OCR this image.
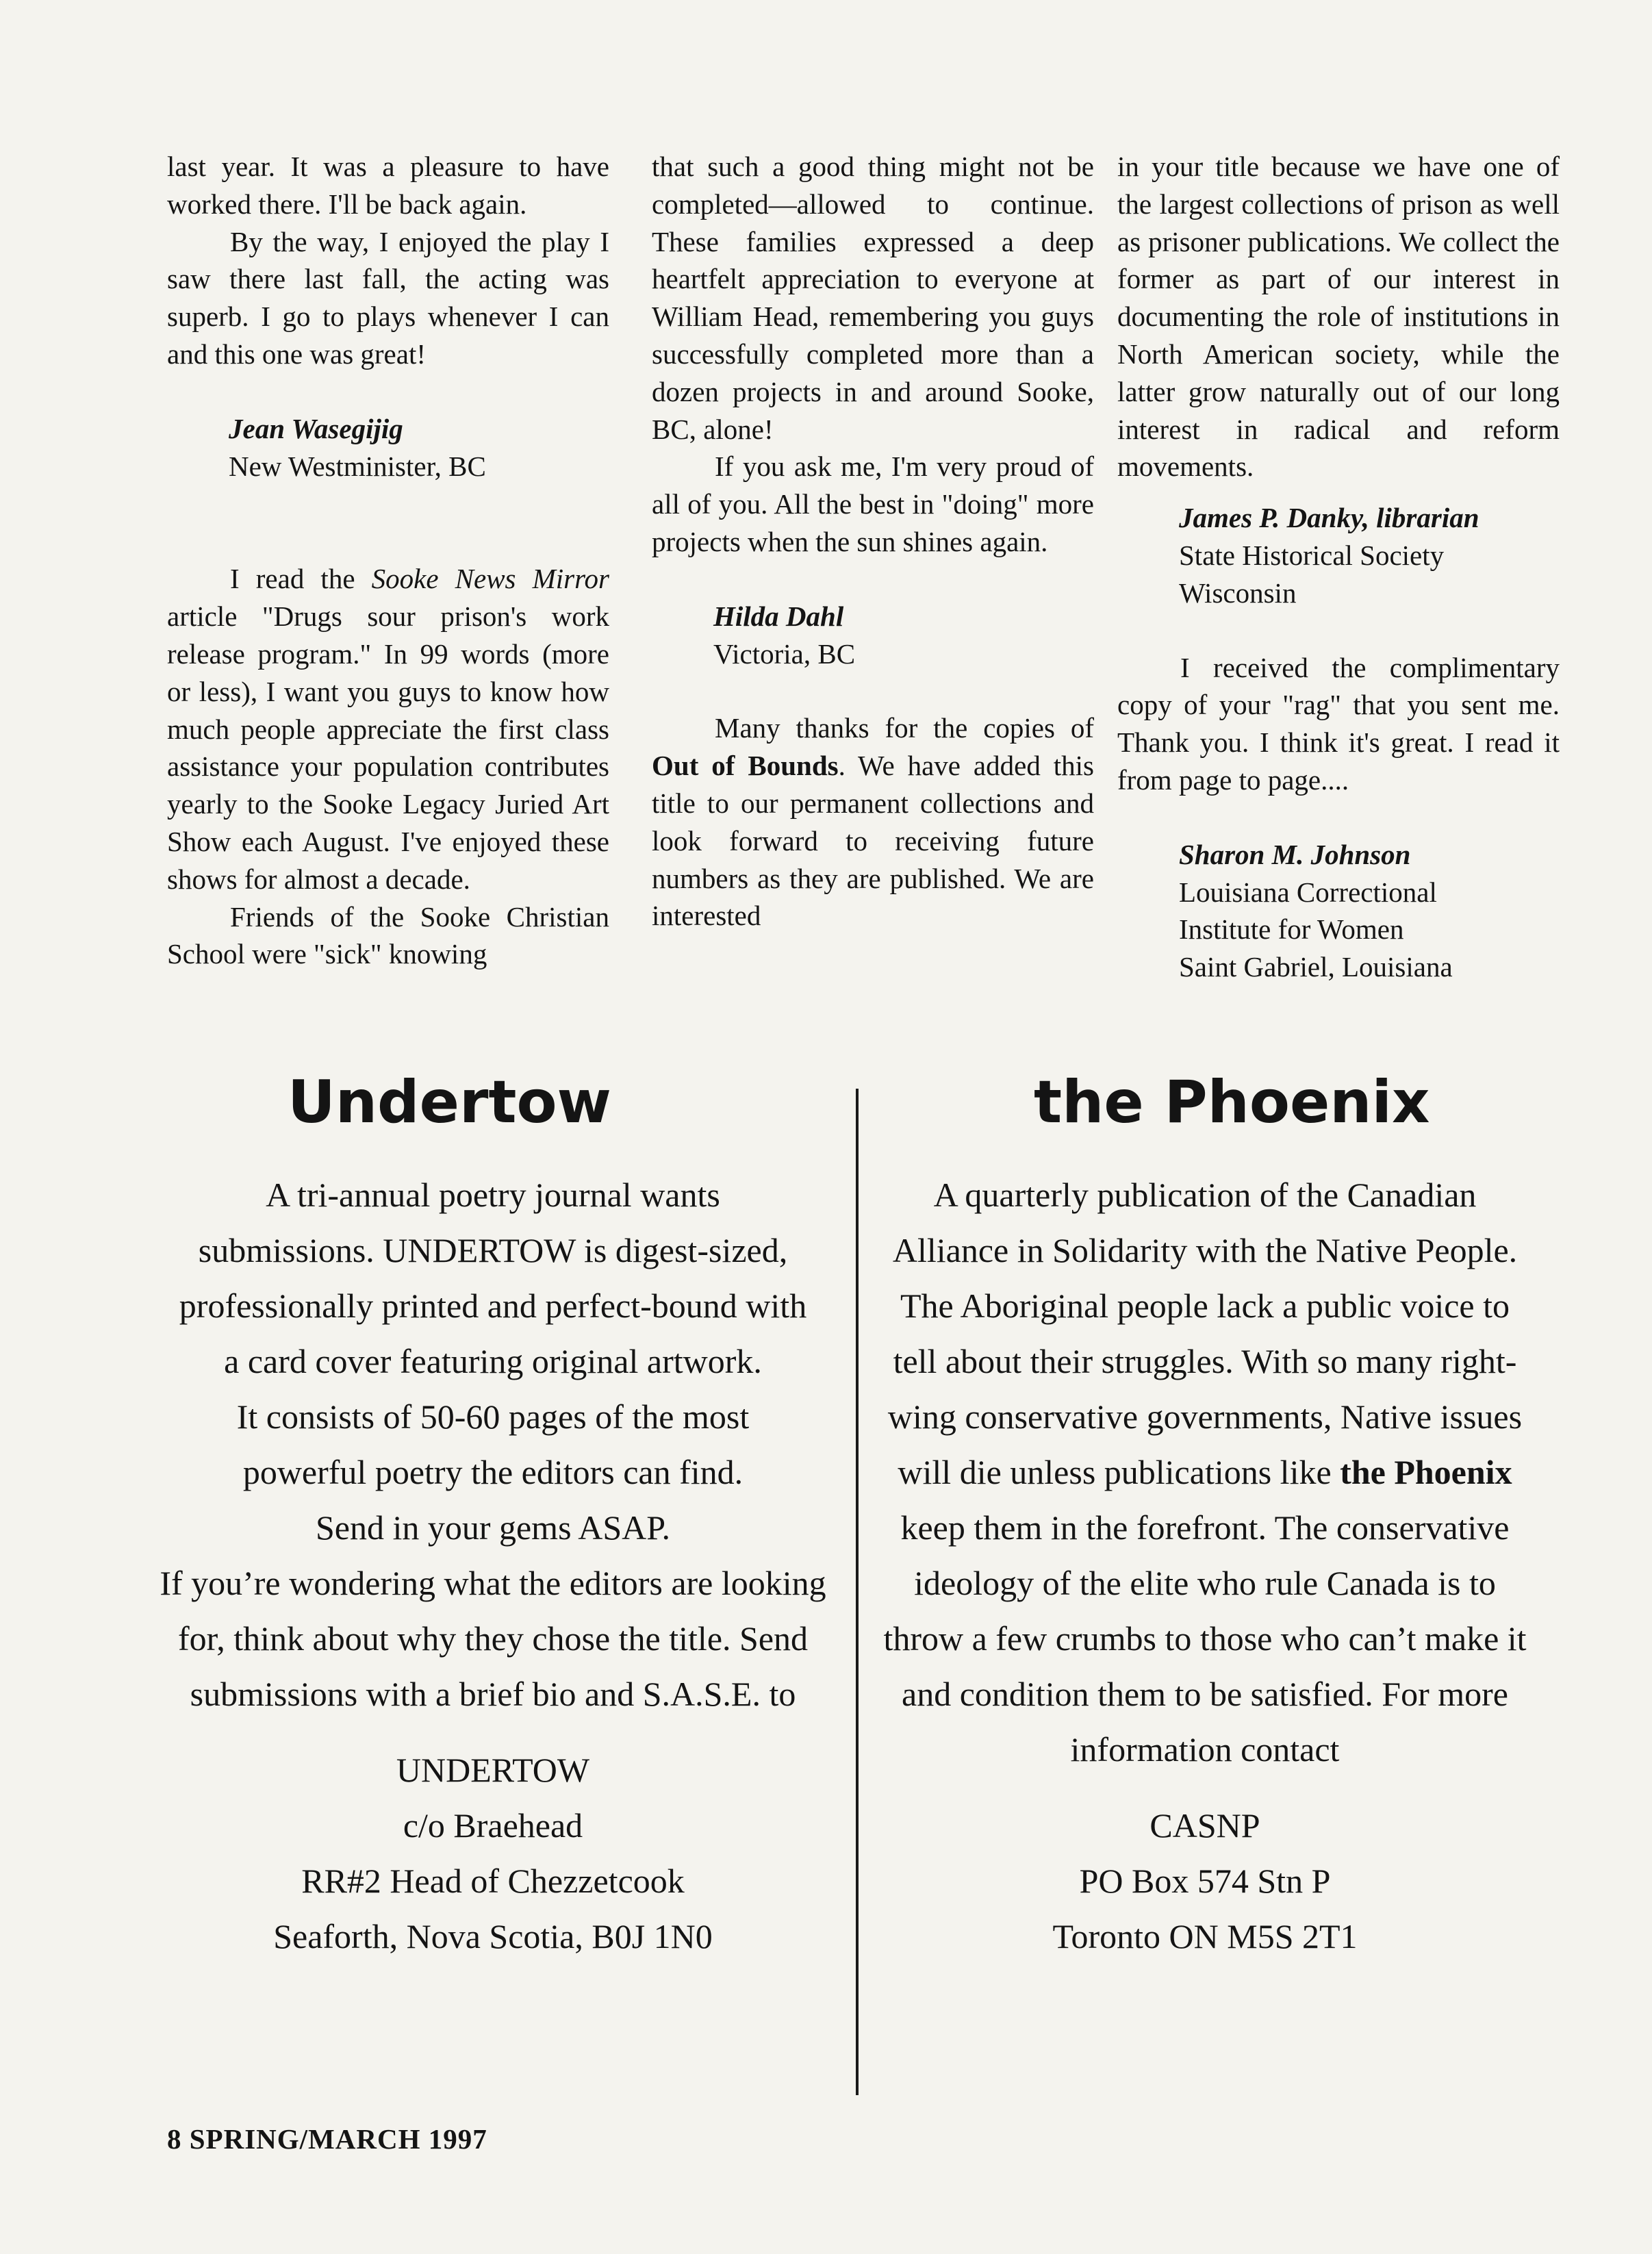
last year. It was a pleasure to have worked there. I'll be back again.

By the way, I enjoyed the play I saw there last fall, the acting was superb. I go to plays whenever I can and this one was great!

Jean Wasegijig
New Westminister, BC

I read the Sooke News Mirror article "Drugs sour prison's work release program." In 99 words (more or less), I want you guys to know how much people appreciate the first class assistance your population contributes yearly to the Sooke Legacy Juried Art Show each August. I've enjoyed these shows for almost a decade.

Friends of the Sooke Christian School were "sick" knowing

that such a good thing might not be completed—allowed to continue. These families expressed a deep heartfelt appreciation to everyone at William Head, remembering you guys successfully completed more than a dozen projects in and around Sooke, BC, alone!

If you ask me, I'm very proud of all of you. All the best in "doing" more projects when the sun shines again.

Hilda Dahl
Victoria, BC

Many thanks for the copies of Out of Bounds. We have added this title to our permanent collections and look forward to receiving future numbers as they are published. We are interested

in your title because we have one of the largest collections of prison as well as prisoner publications. We collect the former as part of our interest in documenting the role of institutions in North American society, while the latter grow naturally out of our long interest in radical and reform movements.

James P. Danky, librarian
State Historical Society
Wisconsin

I received the complimentary copy of your "rag" that you sent me. Thank you. I think it's great. I read it from page to page....

Sharon M. Johnson
Louisiana Correctional
Institute for Women
Saint Gabriel, Louisiana

Undertow

A tri-annual poetry journal wants submissions. UNDERTOW is digest-sized, professionally printed and perfect-bound with a card cover featuring original artwork.

It consists of 50-60 pages of the most powerful poetry the editors can find.

Send in your gems ASAP.

If you’re wondering what the editors are looking for, think about why they chose the title. Send submissions with a brief bio and S.A.S.E. to

UNDERTOW
c/o Braehead
RR#2 Head of Chezzetcook
Seaforth, Nova Scotia, B0J 1N0

the Phoenix

A quarterly publication of the Canadian Alliance in Solidarity with the Native People. The Aboriginal people lack a public voice to tell about their struggles. With so many right-wing conservative governments, Native issues will die unless publications like the Phoenix keep them in the forefront. The conservative ideology of the elite who rule Canada is to throw a few crumbs to those who can’t make it and condition them to be satisfied. For more information contact

CASNP
PO Box 574 Stn P
Toronto ON M5S 2T1

8 SPRING/MARCH 1997
